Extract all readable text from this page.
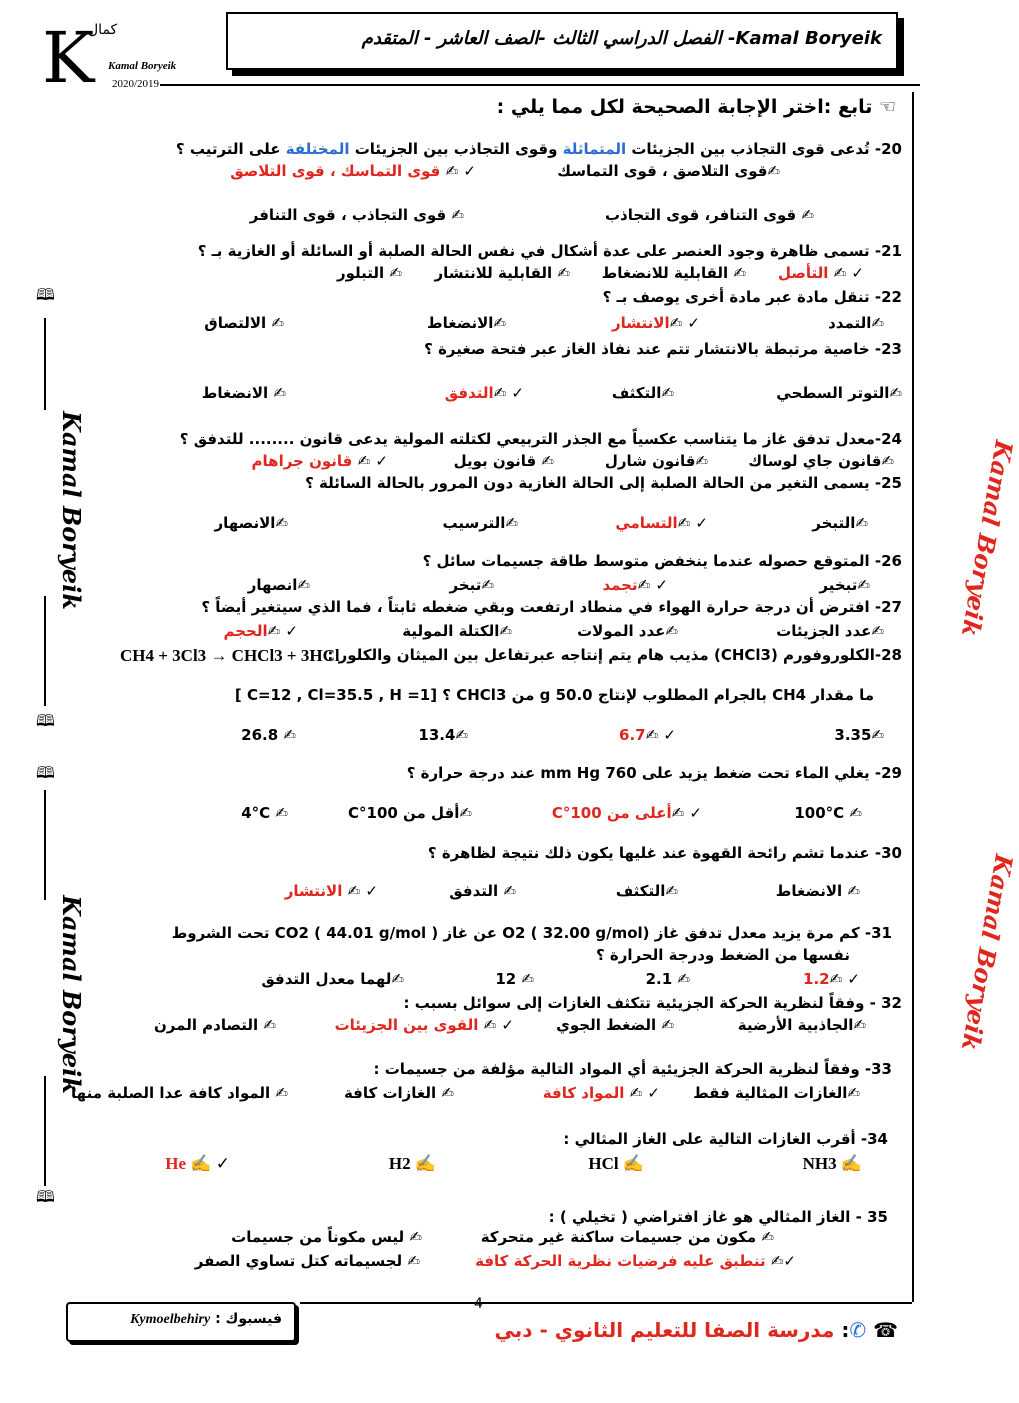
K
ﻛﻤﺎﻝ
Kamal Boryeik
2020/2019
Kamal Boryeik- الفصل الدراسي الثالث -الصف العاشر - المتقدم
☜ تابع :اختر الإجابة الصحيحة لكل مما يلي :
🕮
Kamal Boryeik
🕮
🕮
Kamal Boryeik
🕮
Kamal Boryeik
Kamal Boryeik
20- تُدعى قوى التجاذب بين الجزيئات المتماثلة وقوى التجاذب بين الجزيئات المختلفة على الترتيب ؟
✍قوى التلاصق ، قوى التماسك
✓ ✍ قوى التماسك ، قوى التلاصق
✍ قوى التنافر، قوى التجاذب
✍ قوى التجاذب ، قوى التنافر
21- تسمى ظاهرة وجود العنصر على عدة أشكال في نفس الحالة الصلبة أو السائلة أو الغازية بـ ؟
✓ ✍ التأصل
✍ القابلية للانضغاط
✍ القابلية للانتشار
✍ التبلور
22- تنقل مادة عبر مادة أخرى يوصف بـ ؟
✍التمدد
✓ ✍الانتشار
✍الانضغاط
✍ الالتصاق
23- خاصية مرتبطة بالانتشار تتم عند نفاذ الغاز عبر فتحة صغيرة ؟
✍التوتر السطحي
✍التكثف
✓ ✍التدفق
✍ الانضغاط
24-معدل تدفق غاز ما يتناسب عكسياً مع الجذر التربيعي لكتلته المولية يدعى قانون ........ للتدفق ؟
✍قانون جاي لوساك
✍قانون شارل
✍ قانون بويل
✓ ✍ قانون جراهام
25- يسمى التغير من الحالة الصلبة إلى الحالة الغازية دون المرور بالحالة السائلة ؟
✍التبخر
✓ ✍التسامي
✍الترسيب
✍الانصهار
26- المتوقع حصوله عندما ينخفض متوسط طاقة جسيمات سائل ؟
✍تبخير
✓ ✍تجمد
✍تبخر
✍انصهار
27- افترض أن درجة حرارة الهواء في منطاد ارتفعت وبقي ضغطه ثابتاً ، فما الذي سيتغير أيضاً ؟
✍عدد الجزيئات
✍عدد المولات
✍الكتلة المولية
✓ ✍الحجم
28-الكلوروفورم (CHCl3) مذيب هام يتم إنتاجه عبرتفاعل بين الميثان والكلور :
CH4 + 3Cl3 → CHCl3 + 3HCl
ما مقدار CH4 بالجرام المطلوب لإنتاج 50.0 g من CHCl3 ؟ [C=12 , Cl=35.5 , H =1 ]
✍3.35
✓ ✍6.7
✍13.4
✍ 26.8
29- يغلي الماء تحت ضغط يزيد على 760 mm Hg عند درجة حرارة ؟
✍ 100°C
✓ ✍أعلى من 100°C
✍أقل من 100°C
✍ 4°C
30- عندما تشم رائحة القهوة عند غليها يكون ذلك نتيجة لظاهرة ؟
✍ الانضغاط
✍التكثف
✍ التدفق
✓ ✍ الانتشار
31- كم مرة يزيد معدل تدفق غاز O2 ( 32.00 g/mol) عن غاز CO2 ( 44.01 g/mol ) تحت الشروط
نفسها من الضغط ودرجة الحرارة ؟
✓ ✍1.2
✍ 2.1
✍ 12
✍لهما معدل التدفق
32 - وفقاً لنظرية الحركة الجزيئية تتكثف الغازات إلى سوائل بسبب :
✍الجاذبية الأرضية
✍ الضغط الجوي
✓ ✍ القوى بين الجزيئات
✍ التصادم المرن
33- وفقاً لنظرية الحركة الجزيئية أي المواد التالية مؤلفة من جسيمات :
✍الغازات المثالية فقط
✓ ✍ المواد كافة
✍ الغازات كافة
✍ المواد كافة عدا الصلبة منها
34- أقرب الغازات التالية على الغاز المثالي :
✍ NH3
✍ HCl
✍ H2
✓ ✍ He
35 - الغاز المثالي هو غاز افتراضي ( تخيلي ) :
✍ مكون من جسيمات ساكنة غير متحركة
✍ ليس مكوناً من جسيمات
✓✍ تنطبق عليه فرضيات نظرية الحركة كافة
✍ لجسيماته كتل تساوي الصفر
4
فيسبوك : Kymoelbehiry	☎ ✆: مدرسة الصفا للتعليم الثانوي - دبي
